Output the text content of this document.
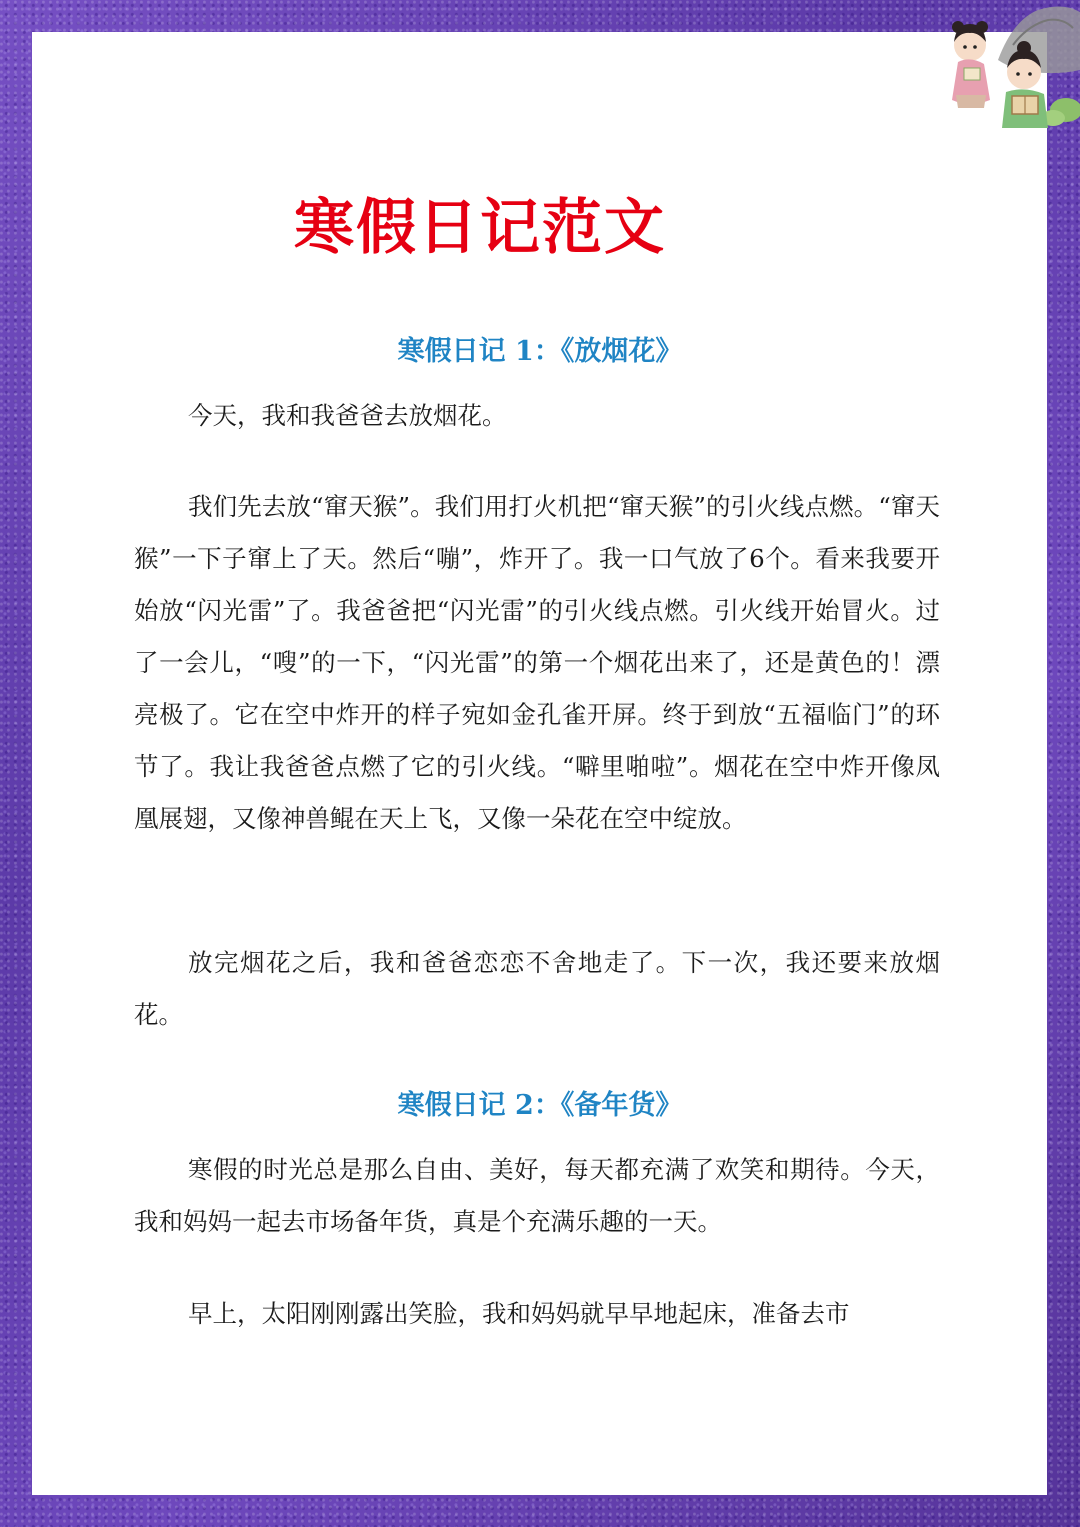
寒假日记范文
寒假日记 1：《放烟花》

今天，我和我爸爸去放烟花。

我们先去放“窜天猴”。我们用打火机把“窜天猴”的引火线点燃。“窜天猴”一下子窜上了天。然后“嘣”，炸开了。我一口气放了6个。看来我要开始放“闪光雷”了。我爸爸把“闪光雷”的引火线点燃。引火线开始冒火。过了一会儿，“嗖”的一下，“闪光雷”的第一个烟花出来了，还是黄色的！漂亮极了。它在空中炸开的样子宛如金孔雀开屏。终于到放“五福临门”的环节了。我让我爸爸点燃了它的引火线。“噼里啪啦”。烟花在空中炸开像凤凰展翅，又像神兽鲲在天上飞，又像一朵花在空中绽放。

放完烟花之后，我和爸爸恋恋不舍地走了。下一次，我还要来放烟花。

寒假日记 2：《备年货》

寒假的时光总是那么自由、美好，每天都充满了欢笑和期待。今天，我和妈妈一起去市场备年货，真是个充满乐趣的一天。

早上，太阳刚刚露出笑脸，我和妈妈就早早地起床，准备去市
